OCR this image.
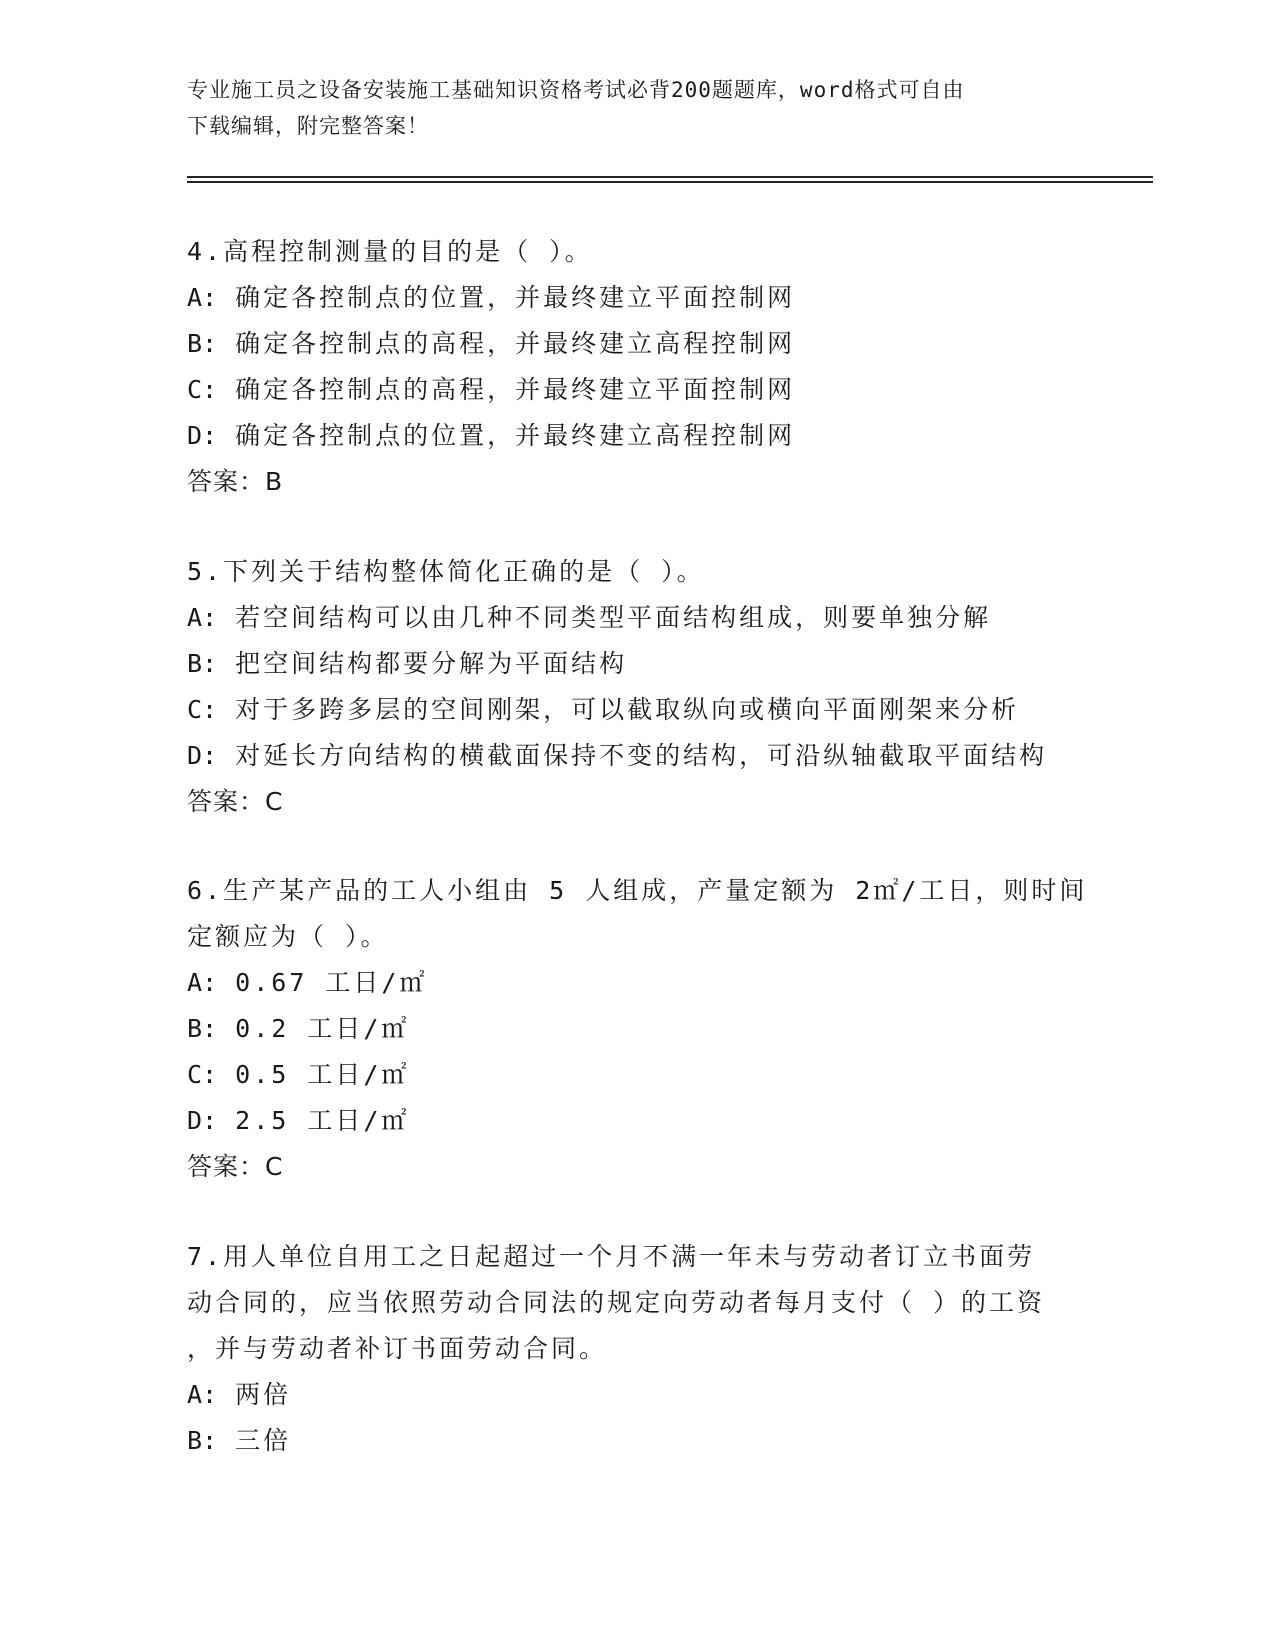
专业施工员之设备安装施工基础知识资格考试必背200题题库，word格式可自由
下载编辑，附完整答案！
4.高程控制测量的目的是（ ）。
A: 确定各控制点的位置，并最终建立平面控制网
B: 确定各控制点的高程，并最终建立高程控制网
C: 确定各控制点的高程，并最终建立平面控制网
D: 确定各控制点的位置，并最终建立高程控制网
答案：B
5.下列关于结构整体简化正确的是（ ）。
A: 若空间结构可以由几种不同类型平面结构组成，则要单独分解
B: 把空间结构都要分解为平面结构
C: 对于多跨多层的空间刚架，可以截取纵向或横向平面刚架来分析
D: 对延长方向结构的横截面保持不变的结构，可沿纵轴截取平面结构
答案：C
6.生产某产品的工人小组由 5 人组成，产量定额为 2㎡/工日，则时间
定额应为（ ）。
A: 0.67 工日/㎡
B: 0.2 工日/㎡
C: 0.5 工日/㎡
D: 2.5 工日/㎡
答案：C
7.用人单位自用工之日起超过一个月不满一年未与劳动者订立书面劳
动合同的，应当依照劳动合同法的规定向劳动者每月支付（ ）的工资
，并与劳动者补订书面劳动合同。
A: 两倍
B: 三倍
